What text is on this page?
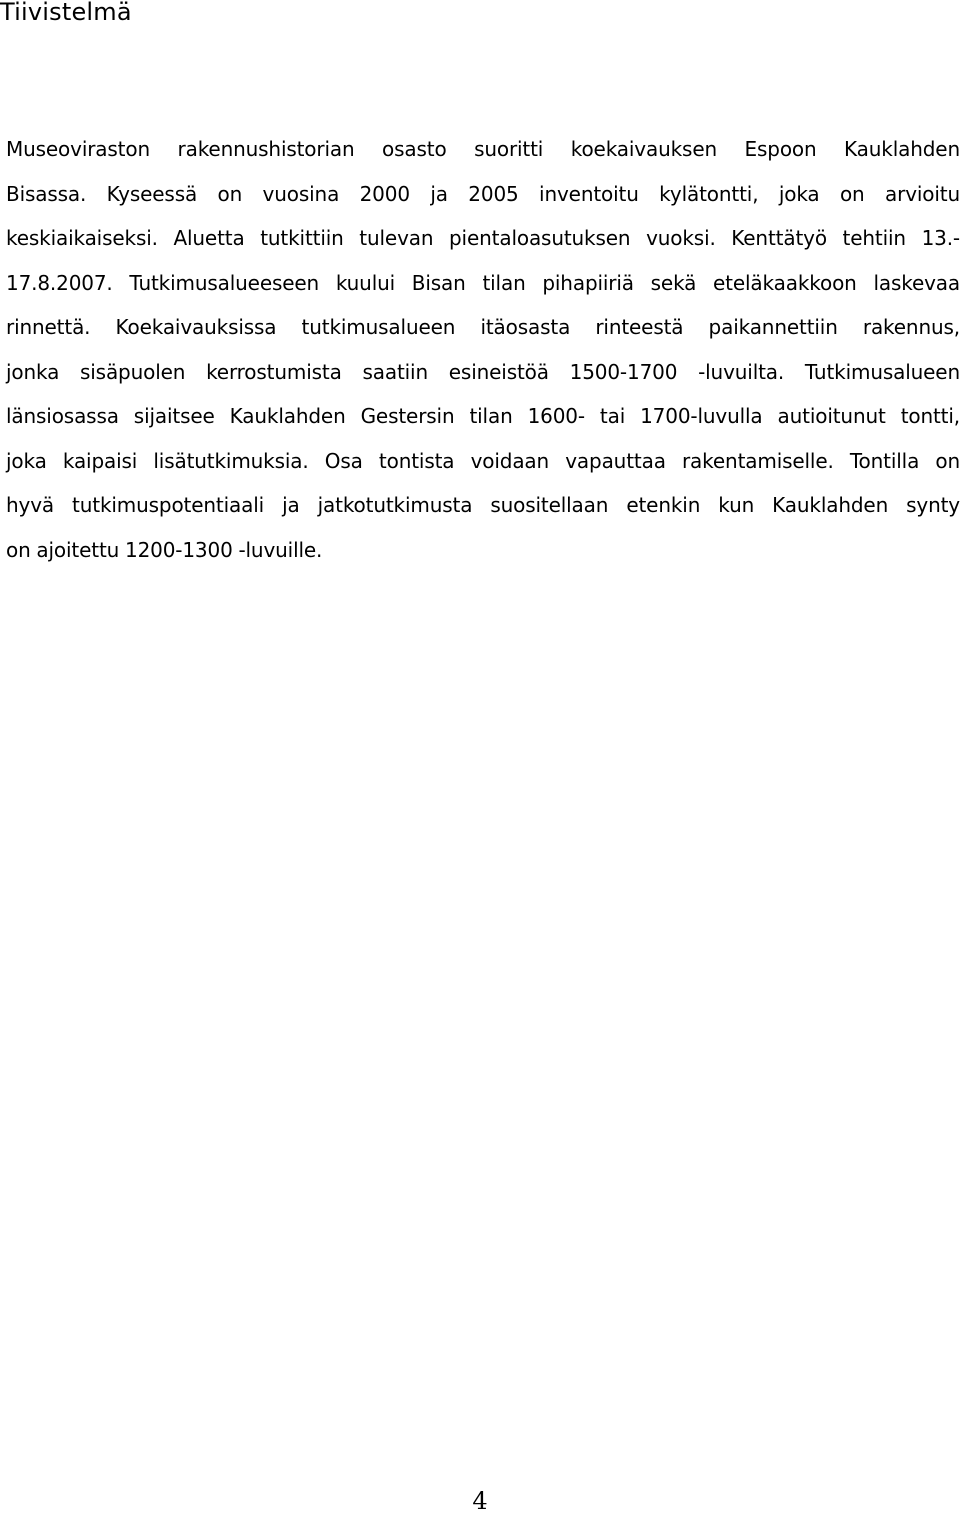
Tiivistelmä

Museoviraston rakennushistorian osasto suoritti koekaivauksen Espoon Kauklahden
Bisassa. Kyseessä on vuosina 2000 ja 2005 inventoitu kylätontti, joka on arvioitu
keskiaikaiseksi. Aluetta tutkittiin tulevan pientaloasutuksen vuoksi. Kenttätyö tehtiin 13.-
17.8.2007. Tutkimusalueeseen kuului Bisan tilan pihapiiriä sekä eteläkaakkoon laskevaa
rinnettä. Koekaivauksissa tutkimusalueen itäosasta rinteestä paikannettiin rakennus,
jonka sisäpuolen kerrostumista saatiin esineistöä 1500-1700 -luvuilta. Tutkimusalueen
länsiosassa sijaitsee Kauklahden Gestersin tilan 1600- tai 1700-luvulla autioitunut tontti,
joka kaipaisi lisätutkimuksia. Osa tontista voidaan vapauttaa rakentamiselle. Tontilla on
hyvä tutkimuspotentiaali ja jatkotutkimusta suositellaan etenkin kun Kauklahden synty
on ajoitettu 1200-1300 -luvuille.

4
